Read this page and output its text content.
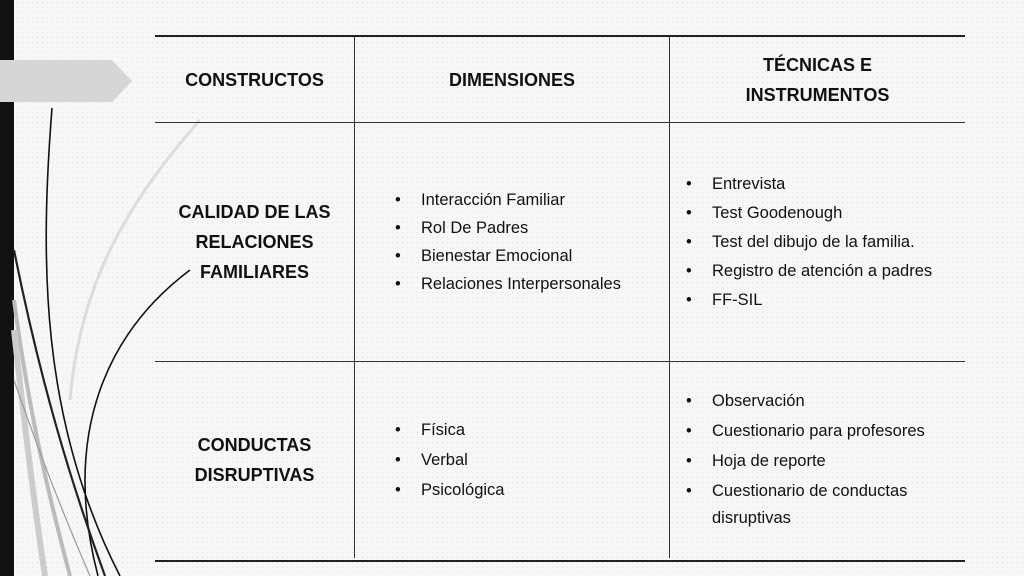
CONSTRUCTOS	DIMENSIONES
TÉCNICAS E INSTRUMENTOS
CALIDAD DE LAS RELACIONES FAMILIARES
• Interacción Familiar
• Rol De Padres
• Bienestar Emocional
• Relaciones Interpersonales
• Entrevista
• Test Goodenough
• Test del dibujo de la familia.
• Registro de atención a padres
• FF-SIL
CONDUCTAS DISRUPTIVAS
• Física
• Verbal
• Psicológica
• Observación
• Cuestionario para profesores
• Hoja de reporte
• Cuestionario de conductas disruptivas
